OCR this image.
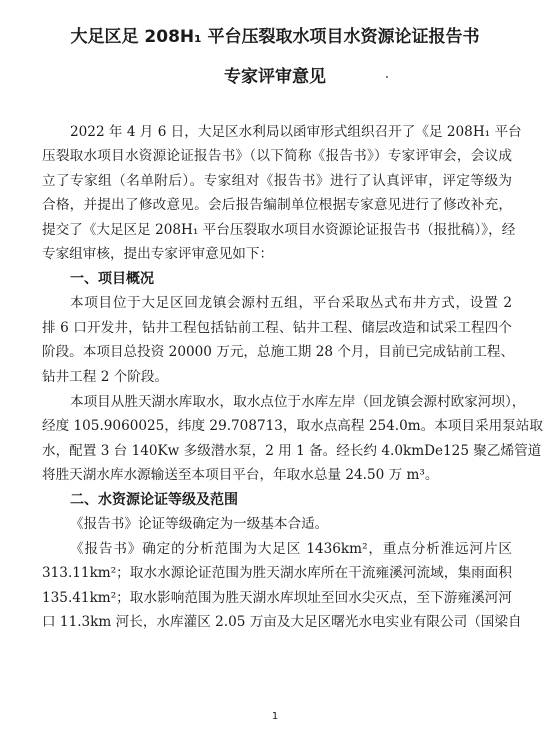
大足区足 208H₁ 平台压裂取水项目水资源论证报告书
专家评审意见
2022 年 4 月 6 日，大足区水利局以函审形式组织召开了《足 208H₁ 平台
压裂取水项目水资源论证报告书》（以下简称《报告书》）专家评审会，会议成
立了专家组（名单附后）。专家组对《报告书》进行了认真评审，评定等级为
合格，并提出了修改意见。会后报告编制单位根据专家意见进行了修改补充，
提交了《大足区足 208H₁ 平台压裂取水项目水资源论证报告书（报批稿）》，经
专家组审核，提出专家评审意见如下：
一、项目概况
本项目位于大足区回龙镇会源村五组，平台采取丛式布井方式，设置 2
排 6 口开发井，钻井工程包括钻前工程、钻井工程、储层改造和试采工程四个
阶段。本项目总投资 20000 万元，总施工期 28 个月，目前已完成钻前工程、
钻井工程 2 个阶段。
本项目从胜天湖水库取水，取水点位于水库左岸（回龙镇会源村欧家河坝），
经度 105.9060025，纬度 29.708713，取水点高程 254.0m。本项目采用泵站取
水，配置 3 台 140Kw 多级潜水泵，2 用 1 备。经长约 4.0kmDe125 聚乙烯管道
将胜天湖水库水源输送至本项目平台，年取水总量 24.50 万 m³。
二、水资源论证等级及范围
《报告书》论证等级确定为一级基本合适。
《报告书》确定的分析范围为大足区 1436km²，重点分析淮远河片区
313.11km²；取水水源论证范围为胜天湖水库所在干流雍溪河流域，集雨面积
135.41km²；取水影响范围为胜天湖水库坝址至回水尖灭点，至下游雍溪河河
口 11.3km 河长，水库灌区 2.05 万亩及大足区曙光水电实业有限公司（国梁自
1
